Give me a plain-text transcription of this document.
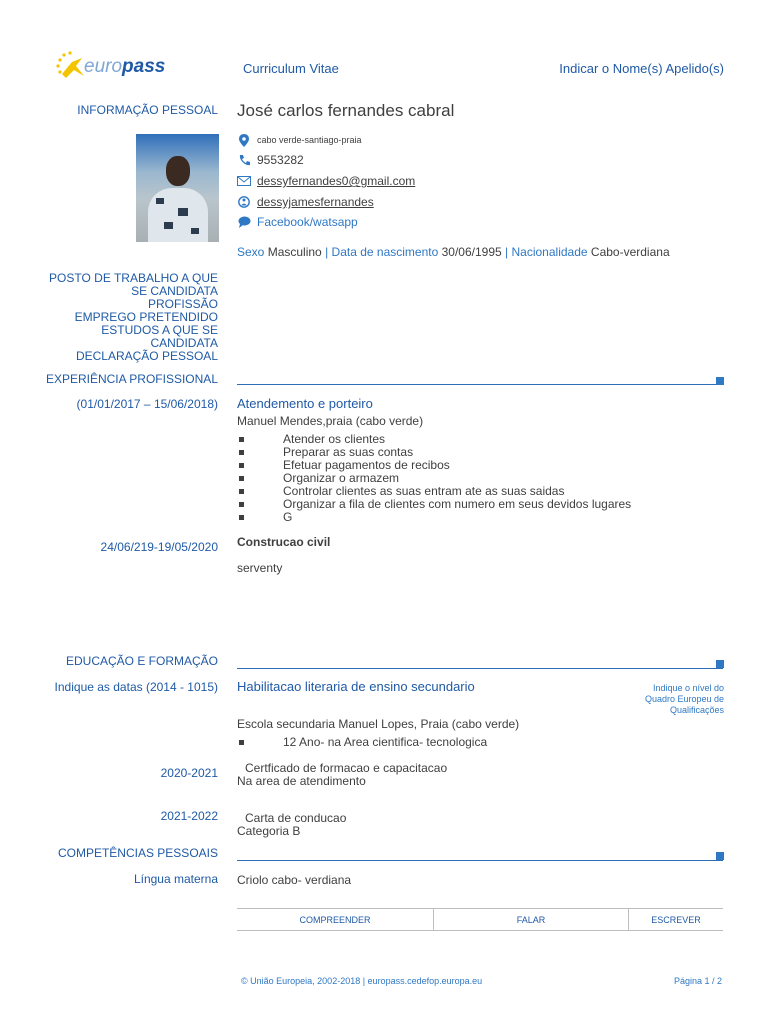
europass	Curriculum Vitae	Indicar o Nome(s) Apelido(s)
INFORMAÇÃO PESSOAL José carlos fernandes cabral
cabo verde-santiago-praia
9553282
dessyfernandes0@gmail.com
dessyjamesfernandes
Facebook/watsapp
Sexo Masculino | Data de nascimento 30/06/1995 | Nacionalidade Cabo-verdiana
POSTO DE TRABALHO A QUE
SE CANDIDATA
PROFISSÃO
EMPREGO PRETENDIDO
ESTUDOS A QUE SE
CANDIDATA
DECLARAÇÃO PESSOAL
EXPERIÊNCIA PROFISSIONAL
(01/01/2017 – 15/06/2018) Atendemento e porteiro
Manuel Mendes,praia (cabo verde)
Atender os clientes
Preparar as suas contas
Efetuar pagamentos de recibos
Organizar o armazem
Controlar clientes as suas entram ate as suas saidas
Organizar a fila de clientes com numero em seus devidos lugares
G
24/06/219-19/05/2020 Construcao civil
serventy
EDUCAÇÃO E FORMAÇÃO
Indique as datas (2014 - 1015) Habilitacao literaria de ensino secundario	Indique o nível do
Quadro Europeu de
Qualificações
Escola secundaria Manuel Lopes, Praia (cabo verde)
12 Ano- na Area cientifica- tecnologica
2020-2021 Certficado de formacao e capacitacao
Na area de atendimento
2021-2022 Carta de conducao
Categoria B
COMPETÊNCIAS PESSOAIS
Língua materna Criolo cabo- verdiana
COMPREENDER	FALAR	ESCREVER
© União Europeia, 2002-2018 | europass.cedefop.europa.eu	Página 1 / 2
